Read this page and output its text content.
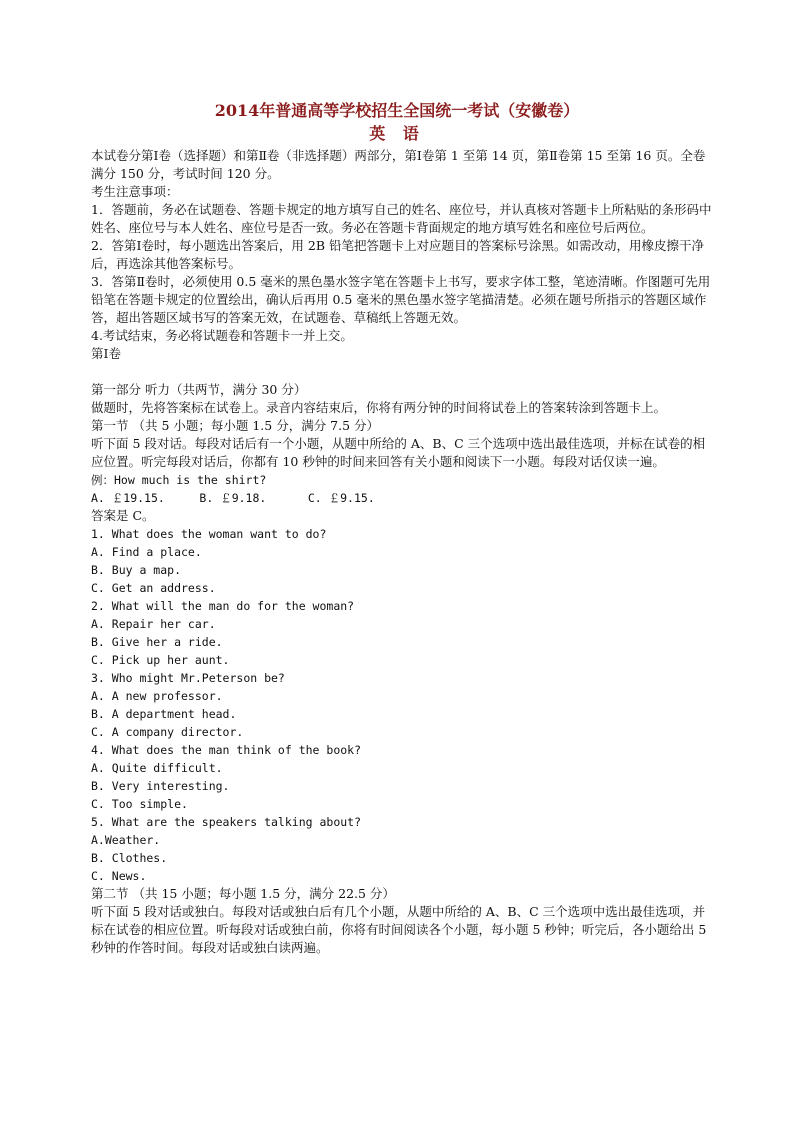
2014年普通高等学校招生全国统一考试（安徽卷）
英 语
本试卷分第Ⅰ卷（选择题）和第Ⅱ卷（非选择题）两部分，第Ⅰ卷第 1 至第 14 页，第Ⅱ卷第 15 至第 16 页。全卷满分 150 分，考试时间 120 分。
考生注意事项：
1．答题前，务必在试题卷、答题卡规定的地方填写自己的姓名、座位号，并认真核对答题卡上所粘贴的条形码中姓名、座位号与本人姓名、座位号是否一致。务必在答题卡背面规定的地方填写姓名和座位号后两位。
2．答第Ⅰ卷时，每小题选出答案后，用 2B 铅笔把答题卡上对应题目的答案标号涂黑。如需改动，用橡皮擦干净后，再选涂其他答案标号。
3．答第Ⅱ卷时，必须使用 0.5 毫米的黑色墨水签字笔在答题卡上书写，要求字体工整，笔迹清晰。作图题可先用铅笔在答题卡规定的位置绘出，确认后再用 0.5 毫米的黑色墨水签字笔描清楚。必须在题号所指示的答题区域作答，超出答题区域书写的答案无效，在试题卷、草稿纸上答题无效。
4.考试结束，务必将试题卷和答题卡一并上交。
第Ⅰ卷
第一部分 听力（共两节，满分 30 分）
做题时，先将答案标在试卷上。录音内容结束后，你将有两分钟的时间将试卷上的答案转涂到答题卡上。
第一节 （共 5 小题；每小题 1.5 分，满分 7.5 分）
听下面 5 段对话。每段对话后有一个小题，从题中所给的 A、B、C 三个选项中选出最佳选项，并标在试卷的相应位置。听完每段对话后，你都有 10 秒钟的时间来回答有关小题和阅读下一小题。每段对话仅读一遍。
例：How much is the shirt?
A. ￡19.15.     B. ￡9.18.      C. ￡9.15.
答案是 C。
1. What does the woman want to do?
A. Find a place.
B. Buy a map.
C. Get an address.
2. What will the man do for the woman?
A. Repair her car.
B. Give her a ride.
C. Pick up her aunt.
3. Who might Mr.Peterson be?
A. A new professor.
B. A department head.
C. A company director.
4. What does the man think of the book?
A. Quite difficult.
B. Very interesting.
C. Too simple.
5. What are the speakers talking about?
A.Weather.
B. Clothes.
C. News.
第二节 （共 15 小题；每小题 1.5 分，满分 22.5 分）
听下面 5 段对话或独白。每段对话或独白后有几个小题，从题中所给的 A、B、C 三个选项中选出最佳选项，并标在试卷的相应位置。听每段对话或独白前，你将有时间阅读各个小题，每小题 5 秒钟；听完后，各小题给出 5 秒钟的作答时间。每段对话或独白读两遍。
